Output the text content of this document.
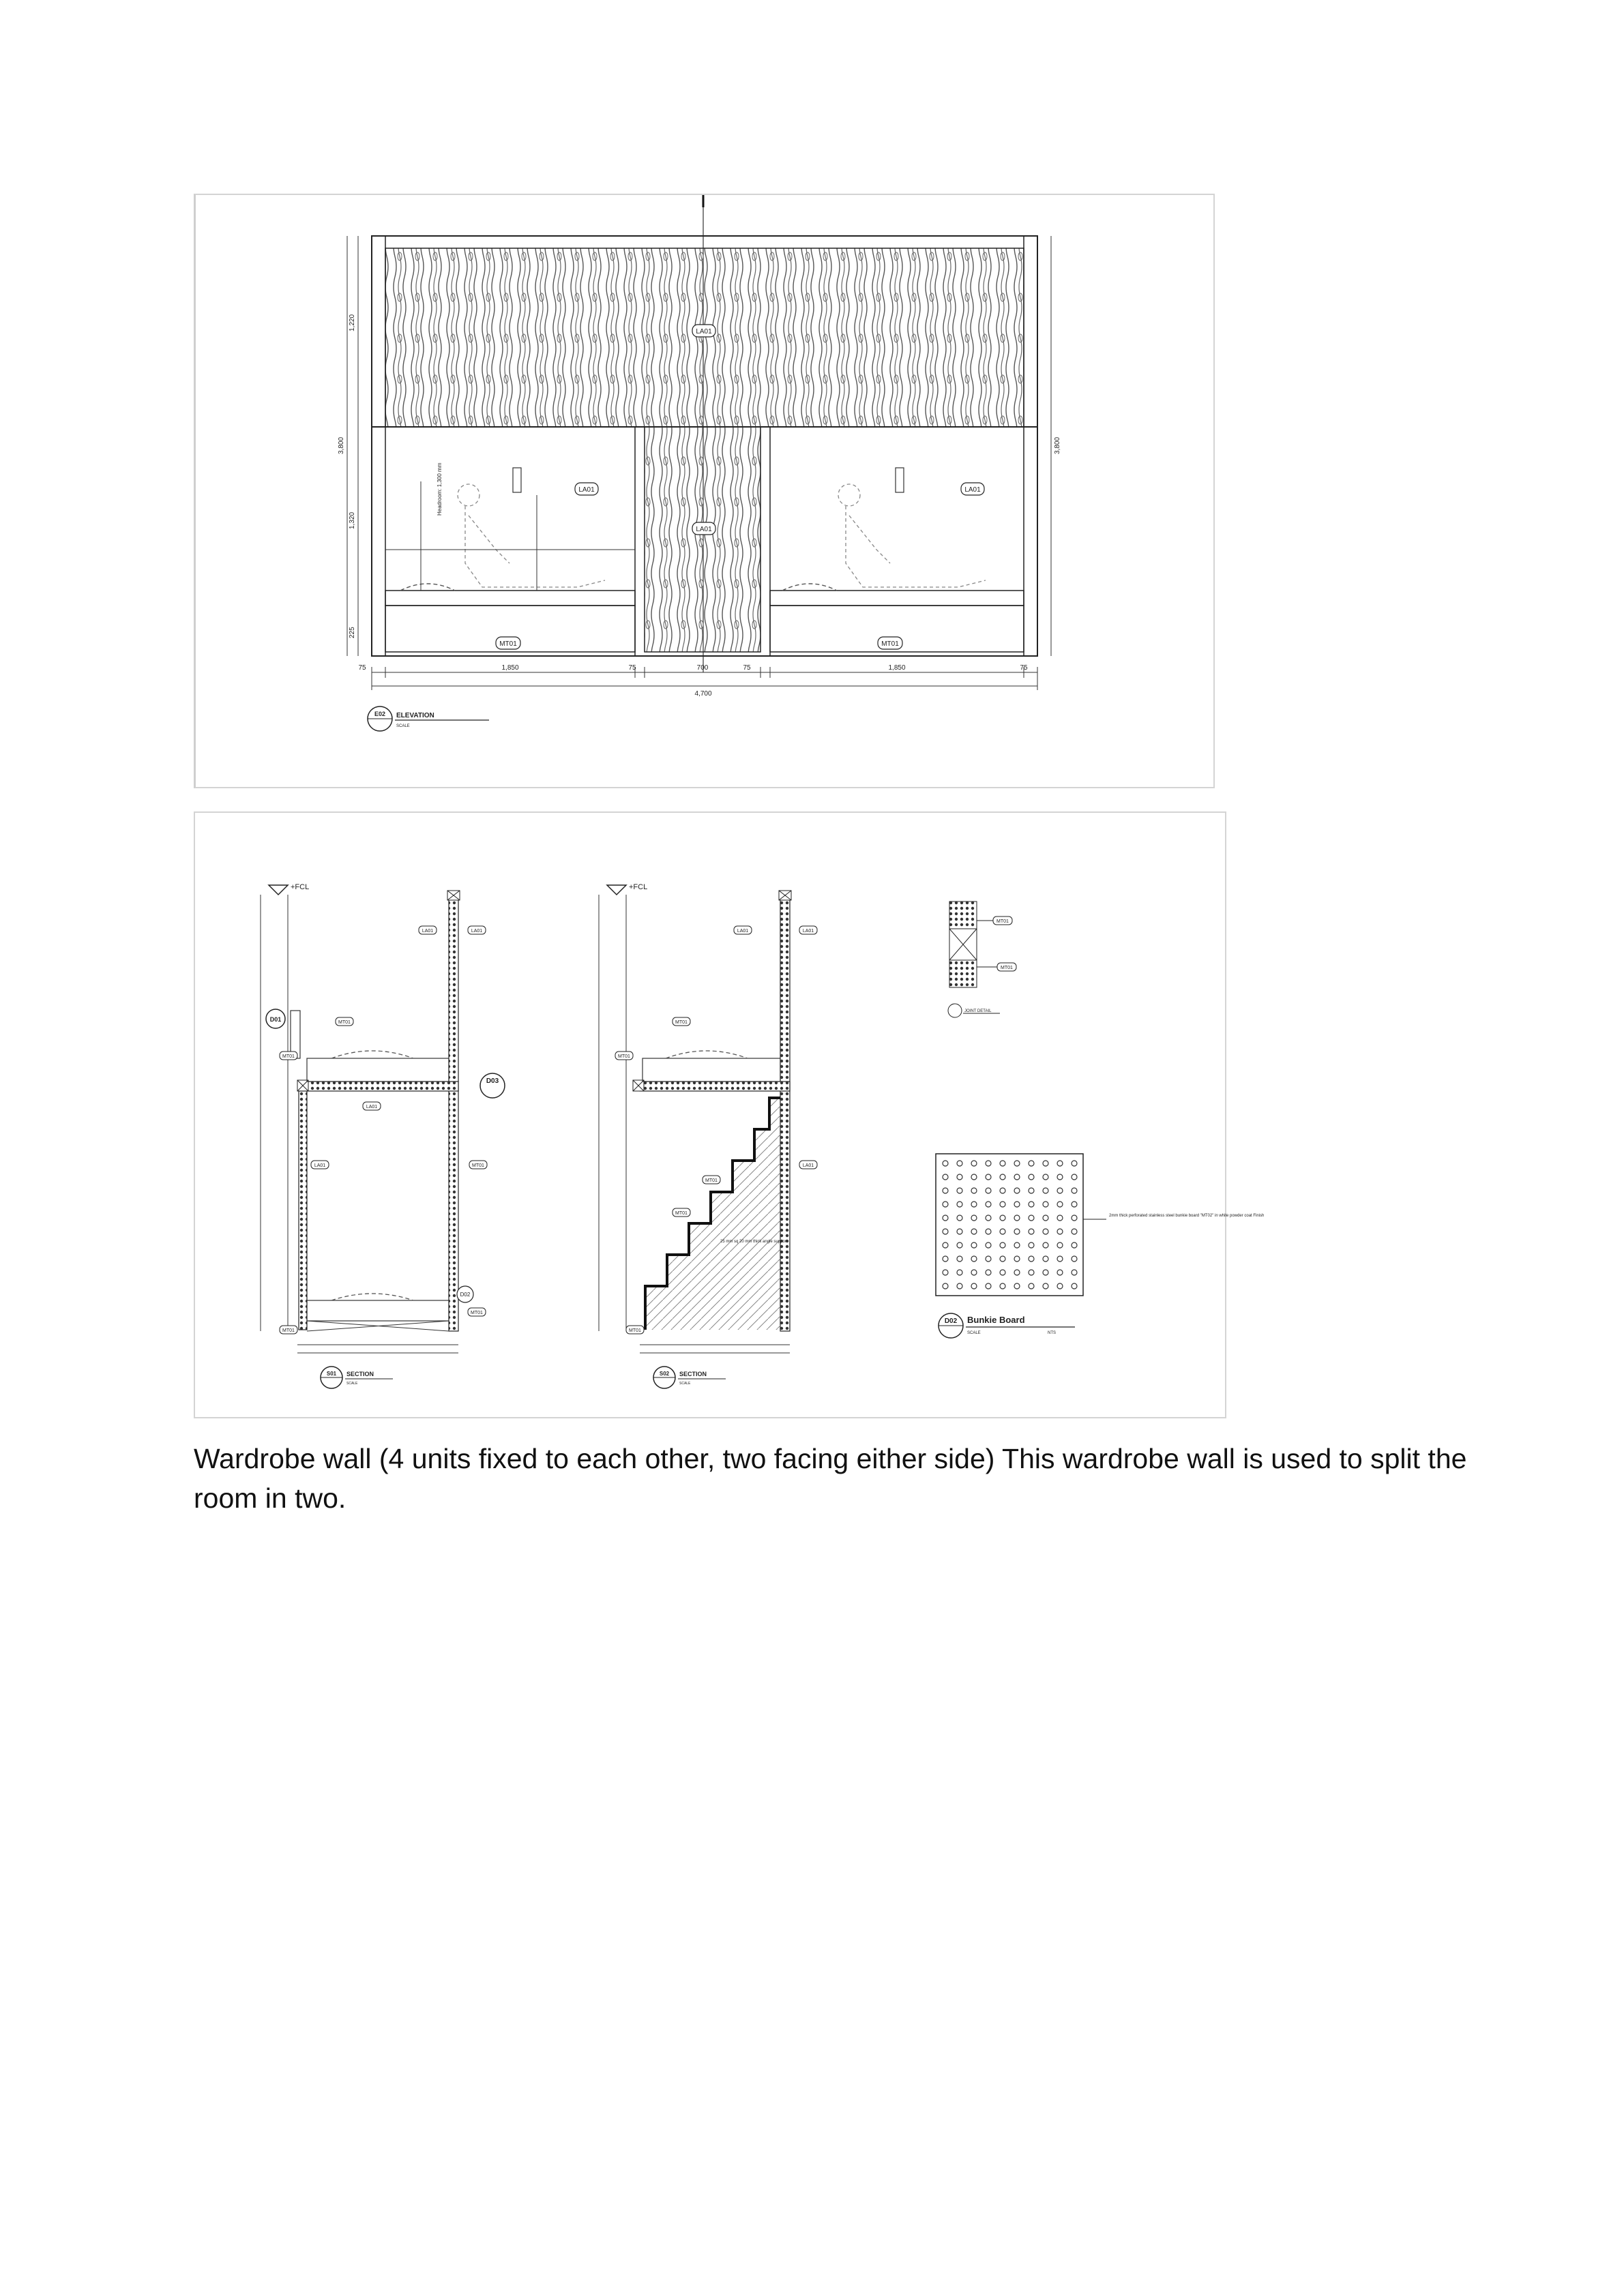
LA01
LA01
LA01
LA01
MT01	MT01
Headroom: 1,300 mm
1,220
1,320
225
3,800	3,800
75	1,850	75	700	75	1,850	75
4,700
E02 ELEVATION
SCALE
+FCL
D01
D03
D02
MT01
LA01	LA01
MT01
LA01
LA01	MT01
MT01
MT01
S01 SECTION
SCALE
+FCL
25 mm sq 20 mm thick angle support
LA01	LA01
MT01
MT01
MT01
MT01
MT01
LA01
S02 SECTION
SCALE
MT01
MT01
JOINT DETAIL
2mm thick perforated stainless steel bunkie board "MT02" in white powder coat Finish
D02 Bunkie Board
SCALE	NTS
Wardrobe wall (4 units fixed to each other, two facing either side) This wardrobe wall is used to split the room in two.
